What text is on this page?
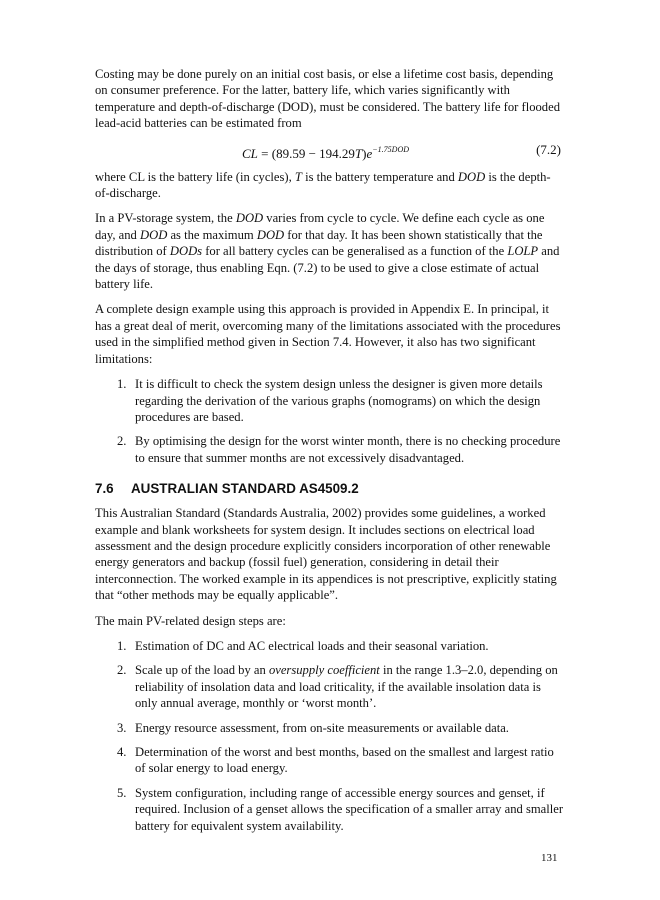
Costing may be done purely on an initial cost basis, or else a lifetime cost basis, depending on consumer preference. For the latter, battery life, which varies significantly with temperature and depth-of-discharge (DOD), must be considered. The battery life for flooded lead-acid batteries can be estimated from

CL = $(89.59 - 194.29T)e^{-1.75DOD}$	(7.2)

where CL is the battery life (in cycles), T is the battery temperature and DOD is the depth-of-discharge.

In a PV-storage system, the DOD varies from cycle to cycle. We define each cycle as one day, and DOD as the maximum DOD for that day. It has been shown statistically that the distribution of DODs for all battery cycles can be generalised as a function of the LOLP and the days of storage, thus enabling Eqn. (7.2) to be used to give a close estimate of actual battery life.

A complete design example using this approach is provided in Appendix E. In principal, it has a great deal of merit, overcoming many of the limitations associated with the procedures used in the simplified method given in Section 7.4. However, it also has two significant limitations:

1. It is difficult to check the system design unless the designer is given more details regarding the derivation of the various graphs (nomograms) on which the design procedures are based.
2. By optimising the design for the worst winter month, there is no checking procedure to ensure that summer months are not excessively disadvantaged.
7.6 AUSTRALIAN STANDARD AS4509.2

This Australian Standard (Standards Australia, 2002) provides some guidelines, a worked example and blank worksheets for system design. It includes sections on electrical load assessment and the design procedure explicitly considers incorporation of other renewable energy generators and backup (fossil fuel) generation, considering in detail their interconnection. The worked example in its appendices is not prescriptive, explicitly stating that “other methods may be equally applicable”.

The main PV-related design steps are:

1. Estimation of DC and AC electrical loads and their seasonal variation.
2. Scale up of the load by an oversupply coefficient in the range 1.3–2.0, depending on reliability of insolation data and load criticality, if the available insolation data is only annual average, monthly or ‘worst month’.
3. Energy resource assessment, from on-site measurements or available data.
4. Determination of the worst and best months, based on the smallest and largest ratio of solar energy to load energy.
5. System configuration, including range of accessible energy sources and genset, if required. Inclusion of a genset allows the specification of a smaller array and smaller battery for equivalent system availability.
131
